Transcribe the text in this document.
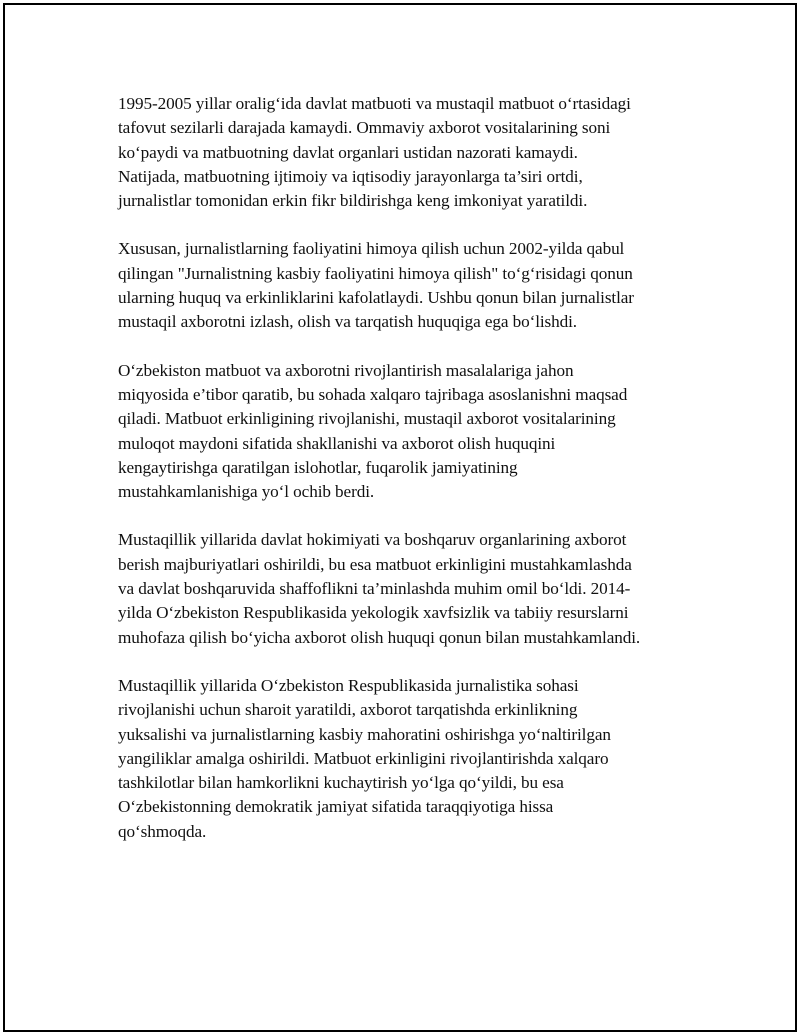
1995-2005 yillar oralig‘ida davlat matbuoti va mustaqil matbuot o‘rtasidagi
tafovut sezilarli darajada kamaydi. Ommaviy axborot vositalarining soni
ko‘paydi va matbuotning davlat organlari ustidan nazorati kamaydi.
Natijada, matbuotning ijtimoiy va iqtisodiy jarayonlarga ta’siri ortdi,
jurnalistlar tomonidan erkin fikr bildirishga keng imkoniyat yaratildi.

Xususan, jurnalistlarning faoliyatini himoya qilish uchun 2002-yilda qabul
qilingan "Jurnalistning kasbiy faoliyatini himoya qilish" to‘g‘risidagi qonun
ularning huquq va erkinliklarini kafolatlaydi. Ushbu qonun bilan jurnalistlar
mustaqil axborotni izlash, olish va tarqatish huquqiga ega bo‘lishdi.

O‘zbekiston matbuot va axborotni rivojlantirish masalalariga jahon
miqyosida e’tibor qaratib, bu sohada xalqaro tajribaga asoslanishni maqsad
qiladi. Matbuot erkinligining rivojlanishi, mustaqil axborot vositalarining
muloqot maydoni sifatida shakllanishi va axborot olish huquqini
kengaytirishga qaratilgan islohotlar, fuqarolik jamiyatining
mustahkamlanishiga yo‘l ochib berdi.

Mustaqillik yillarida davlat hokimiyati va boshqaruv organlarining axborot
berish majburiyatlari oshirildi, bu esa matbuot erkinligini mustahkamlashda
va davlat boshqaruvida shaffoflikni ta’minlashda muhim omil bo‘ldi. 2014-
yilda O‘zbekiston Respublikasida yekologik xavfsizlik va tabiiy resurslarni
muhofaza qilish bo‘yicha axborot olish huquqi qonun bilan mustahkamlandi.

Mustaqillik yillarida O‘zbekiston Respublikasida jurnalistika sohasi
rivojlanishi uchun sharoit yaratildi, axborot tarqatishda erkinlikning
yuksalishi va jurnalistlarning kasbiy mahoratini oshirishga yo‘naltirilgan
yangiliklar amalga oshirildi. Matbuot erkinligini rivojlantirishda xalqaro
tashkilotlar bilan hamkorlikni kuchaytirish yo‘lga qo‘yildi, bu esa
O‘zbekistonning demokratik jamiyat sifatida taraqqiyotiga hissa
qo‘shmoqda.
